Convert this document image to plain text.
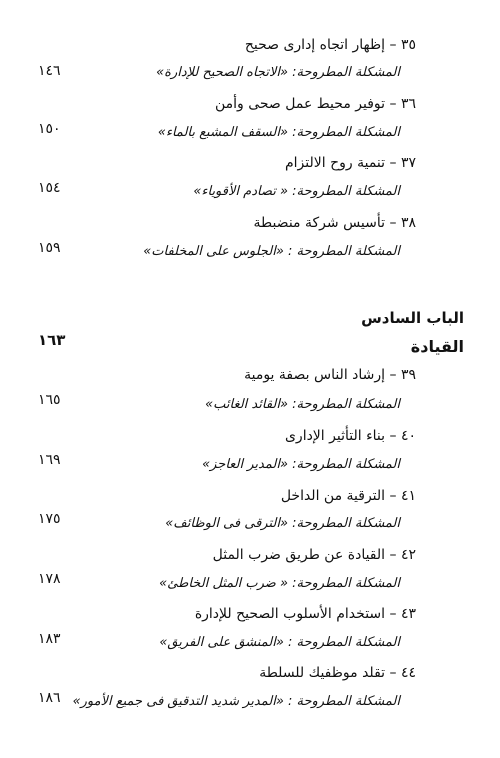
٣٥ – إظهار اتجاه إدارى صحيح
المشكلة المطروحة: «الاتجاه الصحيح للإدارة»
١٤٦
٣٦ – توفير محيط عمل صحى وأمن
المشكلة المطروحة: «السقف المشبع بالماء»
١٥٠
٣٧ – تنمية روح الالتزام
المشكلة المطروحة: « تصادم الأقوياء»
١٥٤
٣٨ – تأسيس شركة منضبطة
المشكلة المطروحة : «الجلوس على المخلفات»
١٥٩
الباب السادس
١٦٣	القيادة
٣٩ – إرشاد الناس بصفة يومية
المشكلة المطروحة: «القائد الغائب»
١٦٥
٤٠ – بناء التأثير الإدارى
المشكلة المطروحة: «المدير العاجز»
١٦٩
٤١ – الترقية من الداخل
المشكلة المطروحة: «الترقى فى الوظائف»
١٧٥
٤٢ – القيادة عن طريق ضرب المثل
المشكلة المطروحة: « ضرب المثل الخاطئ»
١٧٨
٤٣ – استخدام الأسلوب الصحيح للإدارة
المشكلة المطروحة : «المنشق على الفريق»
١٨٣
٤٤ – تقلد موظفيك للسلطة
المشكلة المطروحة : «المدير شديد التدقيق فى جميع الأمور»
١٨٦
